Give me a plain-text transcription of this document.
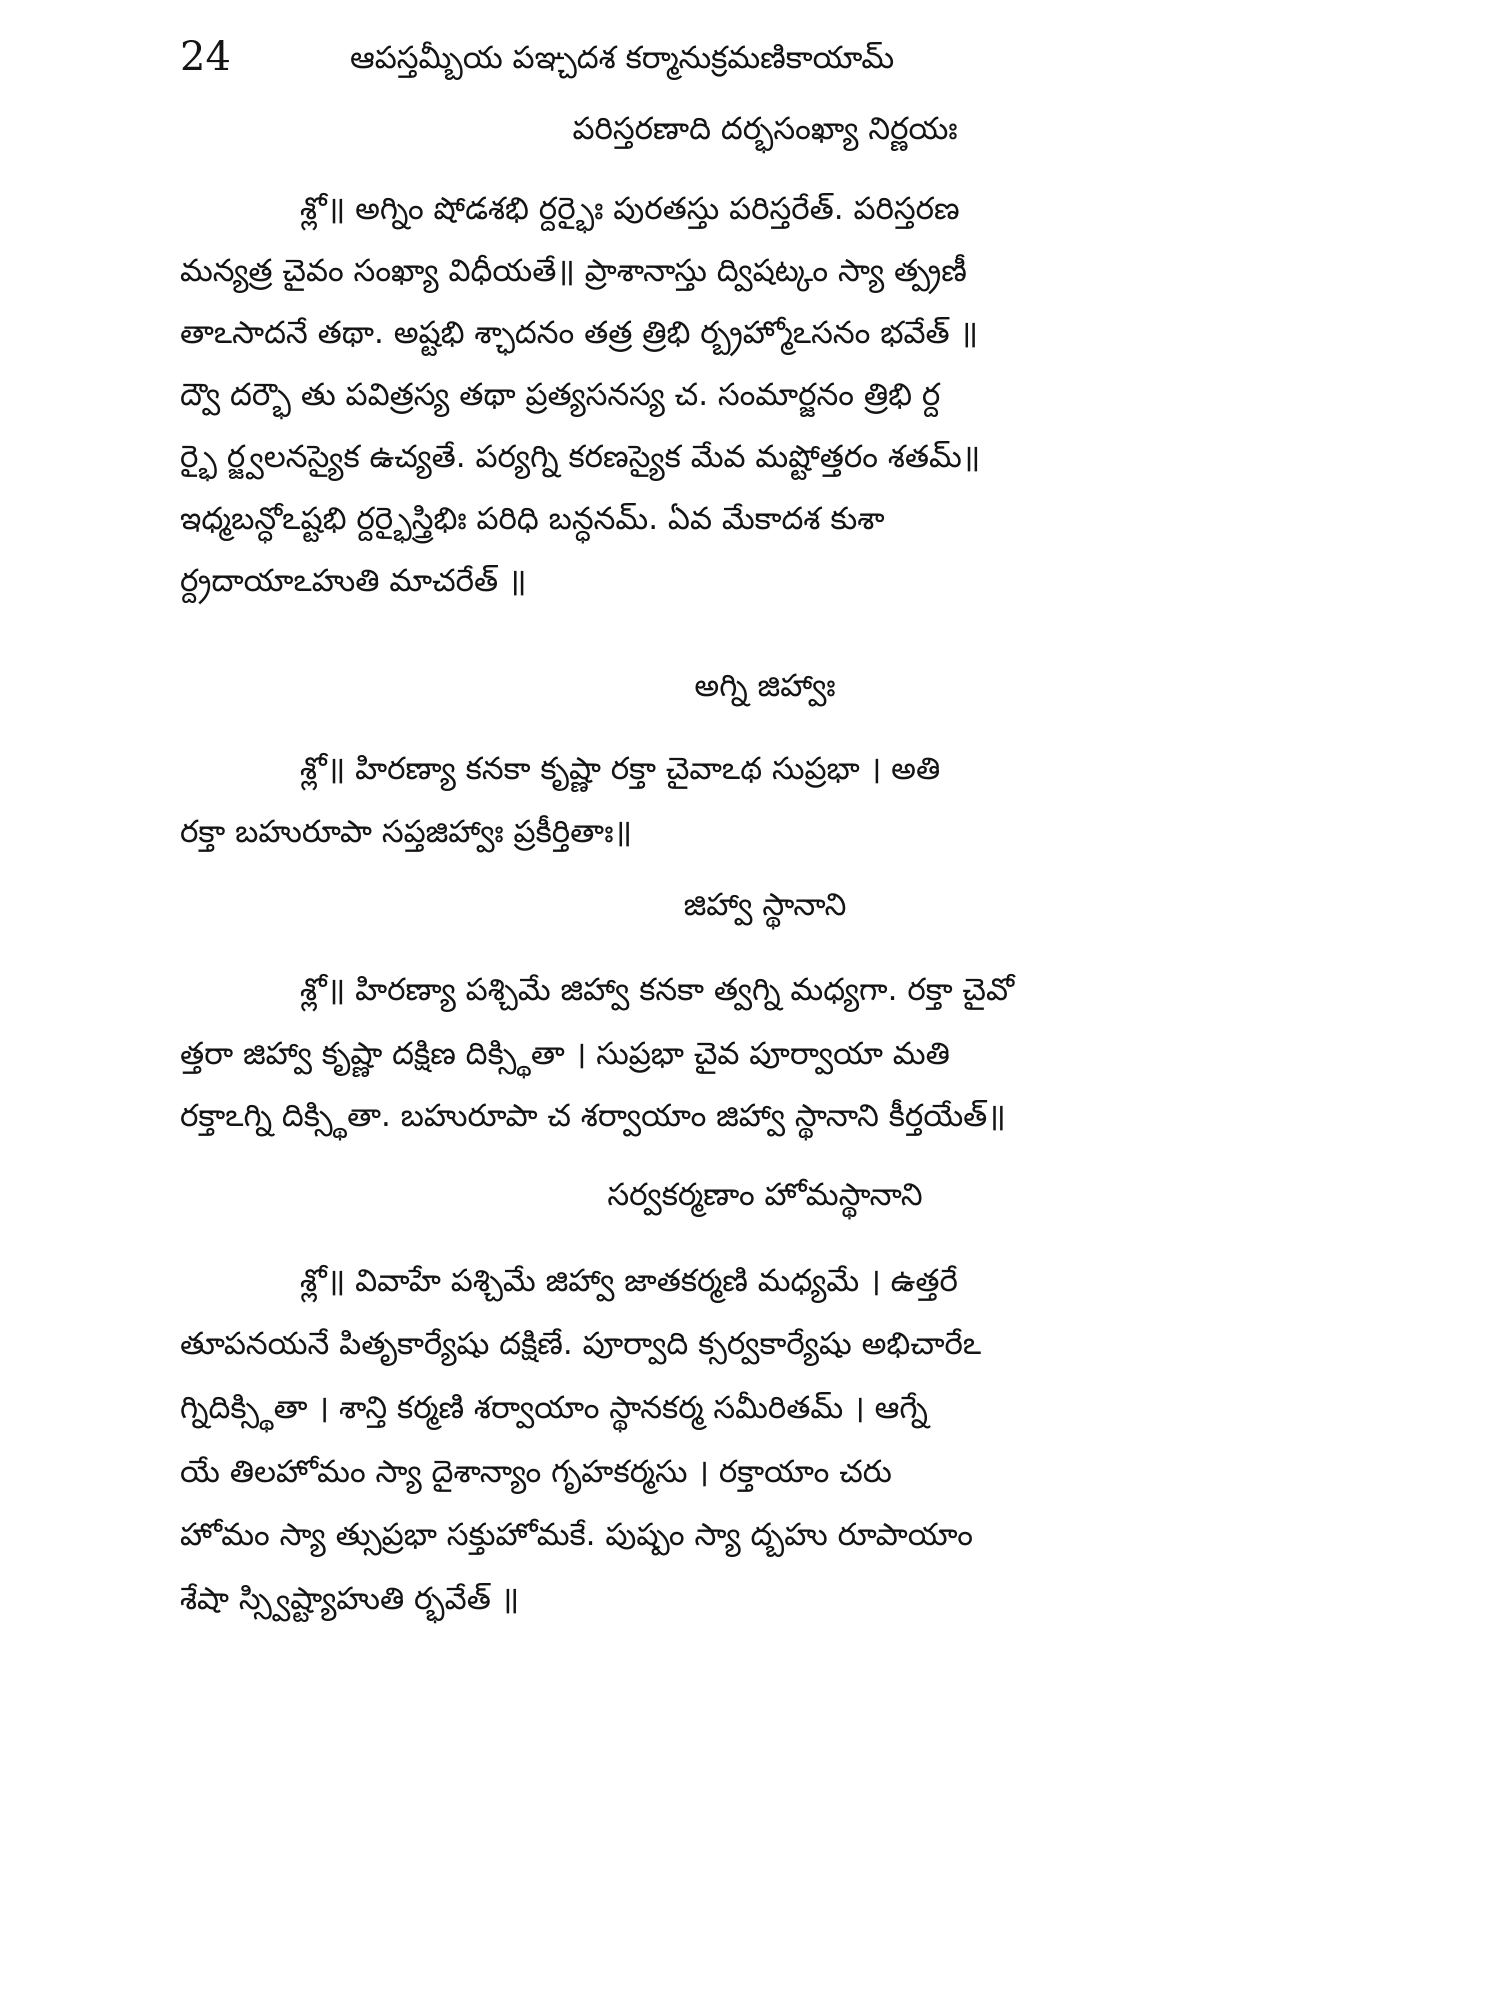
24	ఆపస్తమ్బీయ పఞ్చదశ కర్మానుక్రమణికాయామ్
పరిస్తరణాది దర్భసంఖ్యా నిర్ణయః
శ్లో॥ అగ్నిం షోడశభి ర్దర్భైః పురతస్తు పరిస్తరేత్. పరిస్తరణ
మన్యత్ర చైవం సంఖ్యా విధీయతే॥ ప్రాశానాస్తు ద్విషట్కం స్యా త్ప్రణీ
తాఽసాదనే తథా. అష్టభి శ్ఛాదనం తత్ర త్రిభి ర్బ్రహ్మోఽసనం భవేత్ ॥
ద్వౌ దర్భౌ తు పవిత్రస్య తథా ప్రత్యసనస్య చ. సంమార్జనం త్రిభి ర్ద
ర్భై ర్జ్వలనస్యైక ఉచ్యతే. పర్యగ్ని కరణస్యైక మేవ మష్టోత్తరం శతమ్॥
ఇధ్మబన్ధోఽష్టభి ర్దర్భైస్త్రిభిః పరిధి బన్ధనమ్. ఏవ మేకాదశ కుశా
ర్ద్రదాయాఽహుతి మాచరేత్ ॥
అగ్ని జిహ్వాః
శ్లో॥ హిరణ్యా కనకా కృష్ణా రక్తా చైవాఽథ సుప్రభా । అతి
రక్తా బహురూపా సప్తజిహ్వాః ప్రకీర్తితాః॥
జిహ్వా స్థానాని
శ్లో॥ హిరణ్యా పశ్చిమే జిహ్వా కనకా త్వగ్ని మధ్యగా. రక్తా చైవో
త్తరా జిహ్వా కృష్ణా దక్షిణ దిక్స్థితా । సుప్రభా చైవ పూర్వాయా మతి
రక్తాఽగ్ని దిక్స్థితా. బహురూపా చ శర్వాయాం జిహ్వా స్థానాని కీర్తయేత్॥
సర్వకర్మణాం హోమస్థానాని
శ్లో॥ వివాహే పశ్చిమే జిహ్వా జాతకర్మణి మధ్యమే । ఉత్తరే
తూపనయనే పితృకార్యేషు దక్షిణే. పూర్వాది క్సర్వకార్యేషు అభిచారేఽ
గ్నిదిక్స్థితా । శాన్తి కర్మణి శర్వాయాం స్థానకర్మ సమీరితమ్ । ఆగ్నే
యే తిలహోమం స్యా దైశాన్యాం గృహకర్మసు । రక్తాయాం చరు
హోమం స్యా త్సుప్రభా సక్తుహోమకే. పుష్పం స్యా ద్బహు రూపాయాం
శేషా స్స్విష్ట్యాహుతి ర్భవేత్ ॥
